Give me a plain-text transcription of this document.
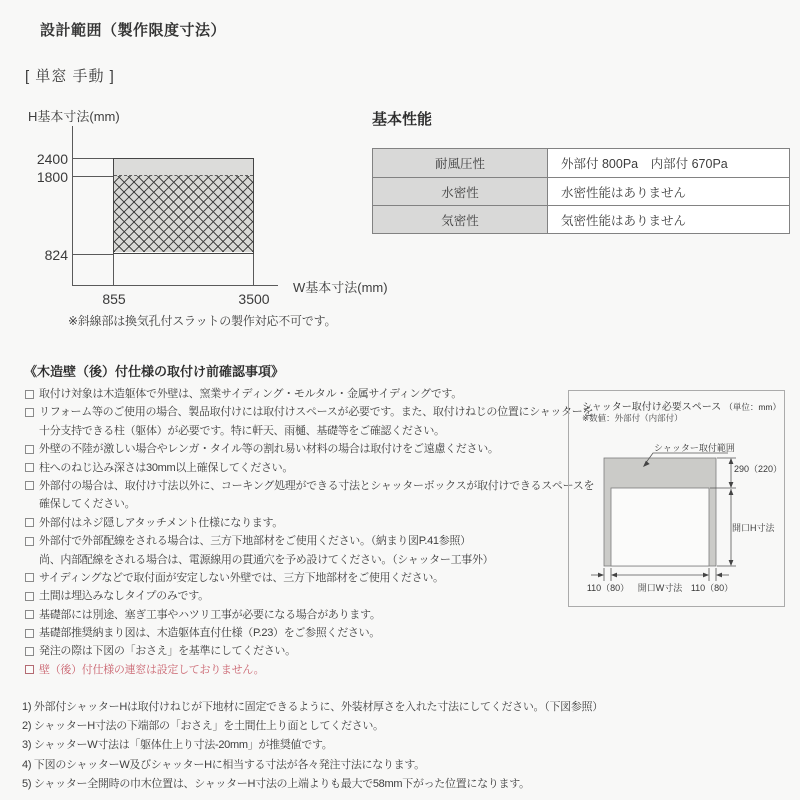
設計範囲（製作限度寸法）
[ 単窓 手動 ]
H基本寸法(mm)
2400
1800
824
855	3500
W基本寸法(mm)
※斜線部は換気孔付スラットの製作対応不可です。
基本性能
耐風圧性	外部付 800Pa　内部付 670Pa
水密性	水密性能はありません
気密性	気密性能はありません
《木造壁（後）付仕様の取付け前確認事項》
取付け対象は木造躯体で外壁は、窯業サイディング・モルタル・金属サイディングです。
リフォーム等のご使用の場合、製品取付けには取付けスペースが必要です。また、取付けねじの位置にシャッターを
十分支持できる柱（躯体）が必要です。特に軒天、雨樋、基礎等をご確認ください。
外壁の不陸が激しい場合やレンガ・タイル等の割れ易い材料の場合は取付けをご遠慮ください。
柱へのねじ込み深さは30mm以上確保してください。
外部付の場合は、取付け寸法以外に、コーキング処理ができる寸法とシャッターボックスが取付けできるスペースを
確保してください。
外部付はネジ隠しアタッチメント仕様になります。
外部付で外部配線をされる場合は、三方下地部材をご使用ください。（納まり図P.41参照）
尚、内部配線をされる場合は、電源線用の貫通穴を予め設けてください。（シャッター工事外）
サイディングなどで取付面が安定しない外壁では、三方下地部材をご使用ください。
土間は埋込みなしタイプのみです。
基礎部には別途、塞ぎ工事やハツリ工事が必要になる場合があります。
基礎部推奨納まり図は、木造躯体直付仕様（P.23）をご参照ください。
発注の際は下図の「おさえ」を基準にしてください。
壁（後）付仕様の連窓は設定しておりません。
シャッター取付け必要スペース （単位：mm）
※数値：外部付（内部付）
シャッター取付範囲
290（220）
開口H寸法
110（80） 開口W寸法 110（80）
1) 外部付シャッターHは取付けねじが下地材に固定できるように、外装材厚さを入れた寸法にしてください。（下図参照）
2) シャッターH寸法の下端部の「おさえ」を土間仕上り面としてください。
3) シャッターW寸法は「躯体仕上り寸法-20mm」が推奨値です。
4) 下図のシャッターW及びシャッターHに相当する寸法が各々発注寸法になります。
5) シャッター全開時の巾木位置は、シャッターH寸法の上端よりも最大で58mm下がった位置になります。
